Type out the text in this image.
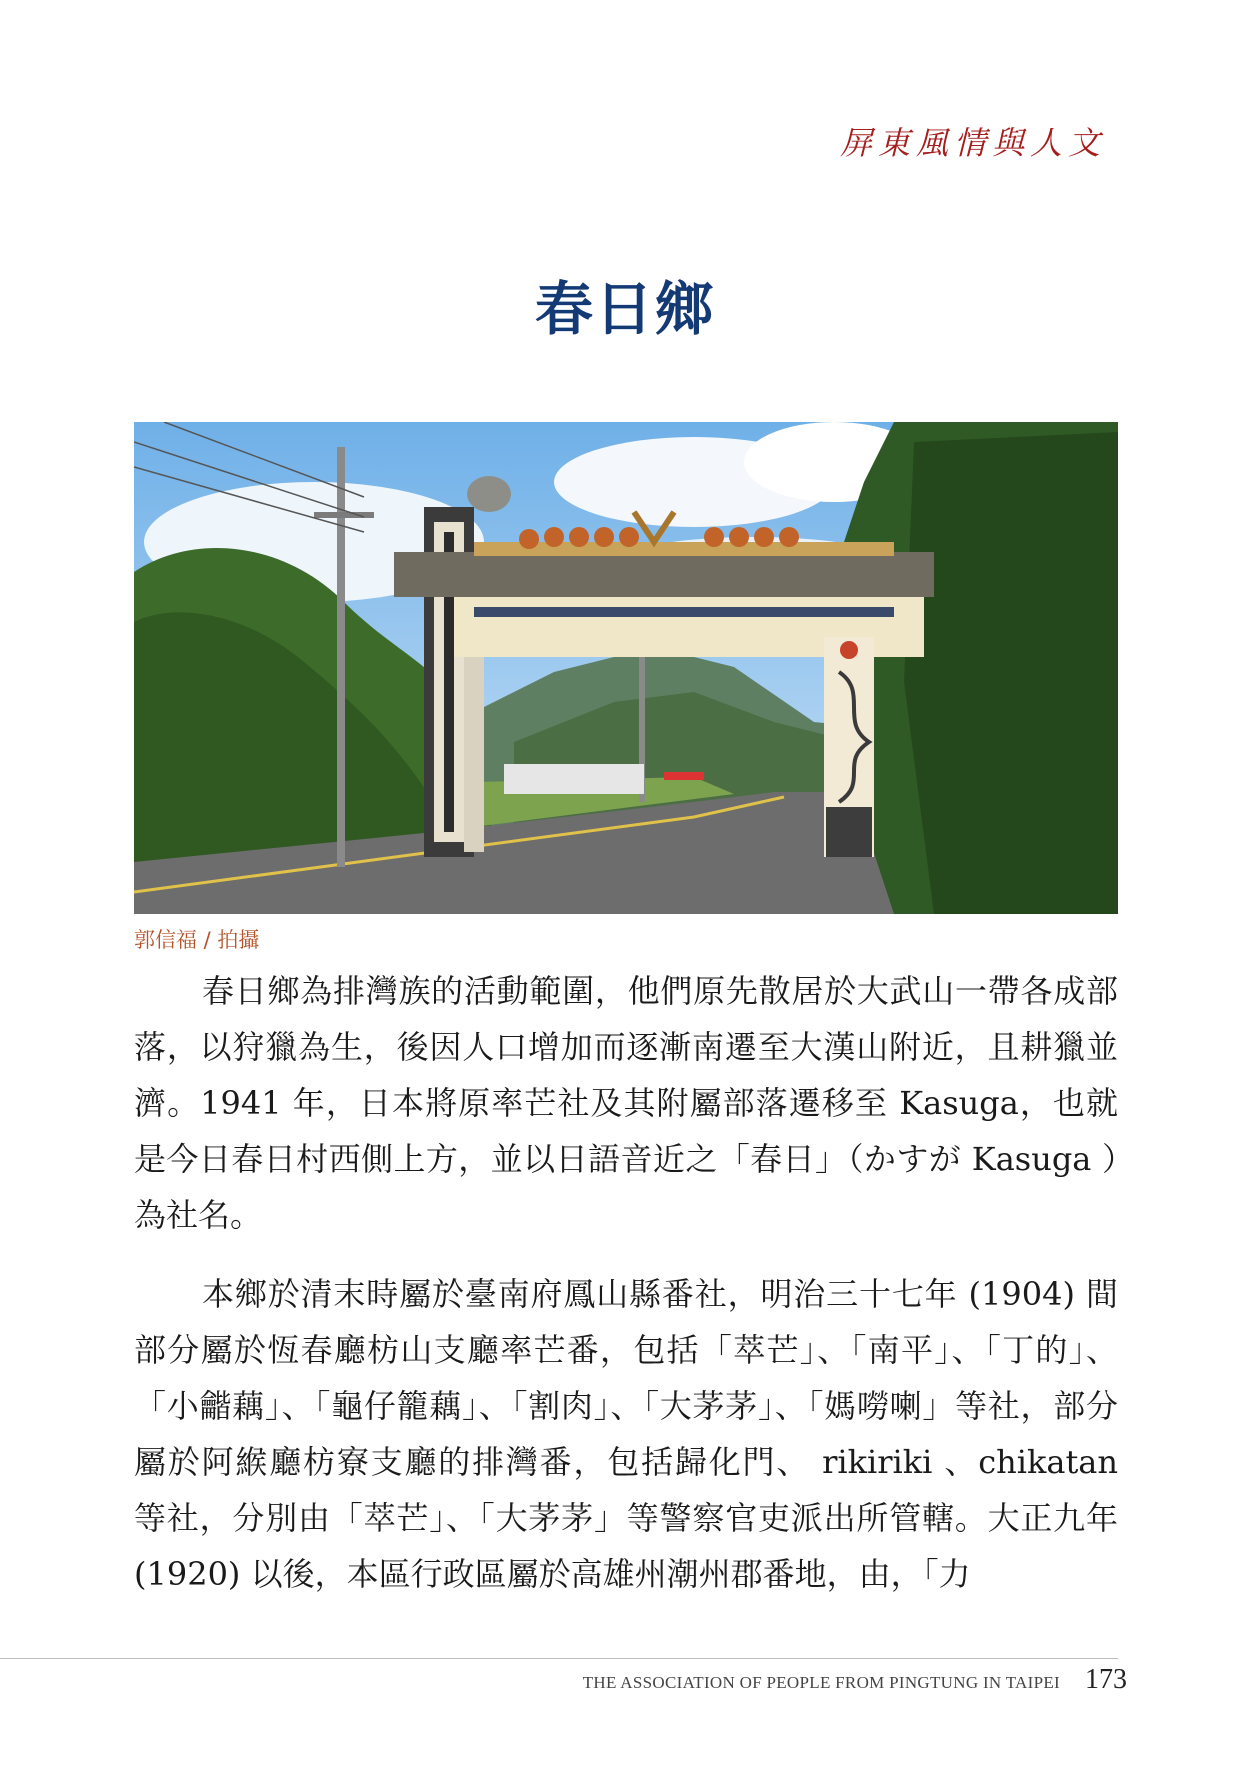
屏東風情與人文
春日鄉
郭信福 / 拍攝

春日鄉為排灣族的活動範圍，他們原先散居於大武山一帶各成部落，以狩獵為生，後因人口增加而逐漸南遷至大漢山附近，且耕獵並濟。1941 年，日本將原率芒社及其附屬部落遷移至 Kasuga，也就是今日春日村西側上方，並以日語音近之「春日」（かすが Kasuga ）為社名。

本鄉於清末時屬於臺南府鳳山縣番社，明治三十七年 (1904) 間部分屬於恆春廳枋山支廳率芒番，包括「萃芒」、「南平」、「丁的」、「小龤藕」、「龜仔籠藕」、「割肉」、「大茅茅」、「媽嘮喇」等社，部分屬於阿緱廳枋寮支廳的排灣番，包括歸化門、 rikiriki 、chikatan 等社，分別由「萃芒」、「大茅茅」等警察官吏派出所管轄。大正九年 (1920) 以後，本區行政區屬於高雄州潮州郡番地，由，「力

THE ASSOCIATION OF PEOPLE FROM PINGTUNG IN TAIPEI 173
